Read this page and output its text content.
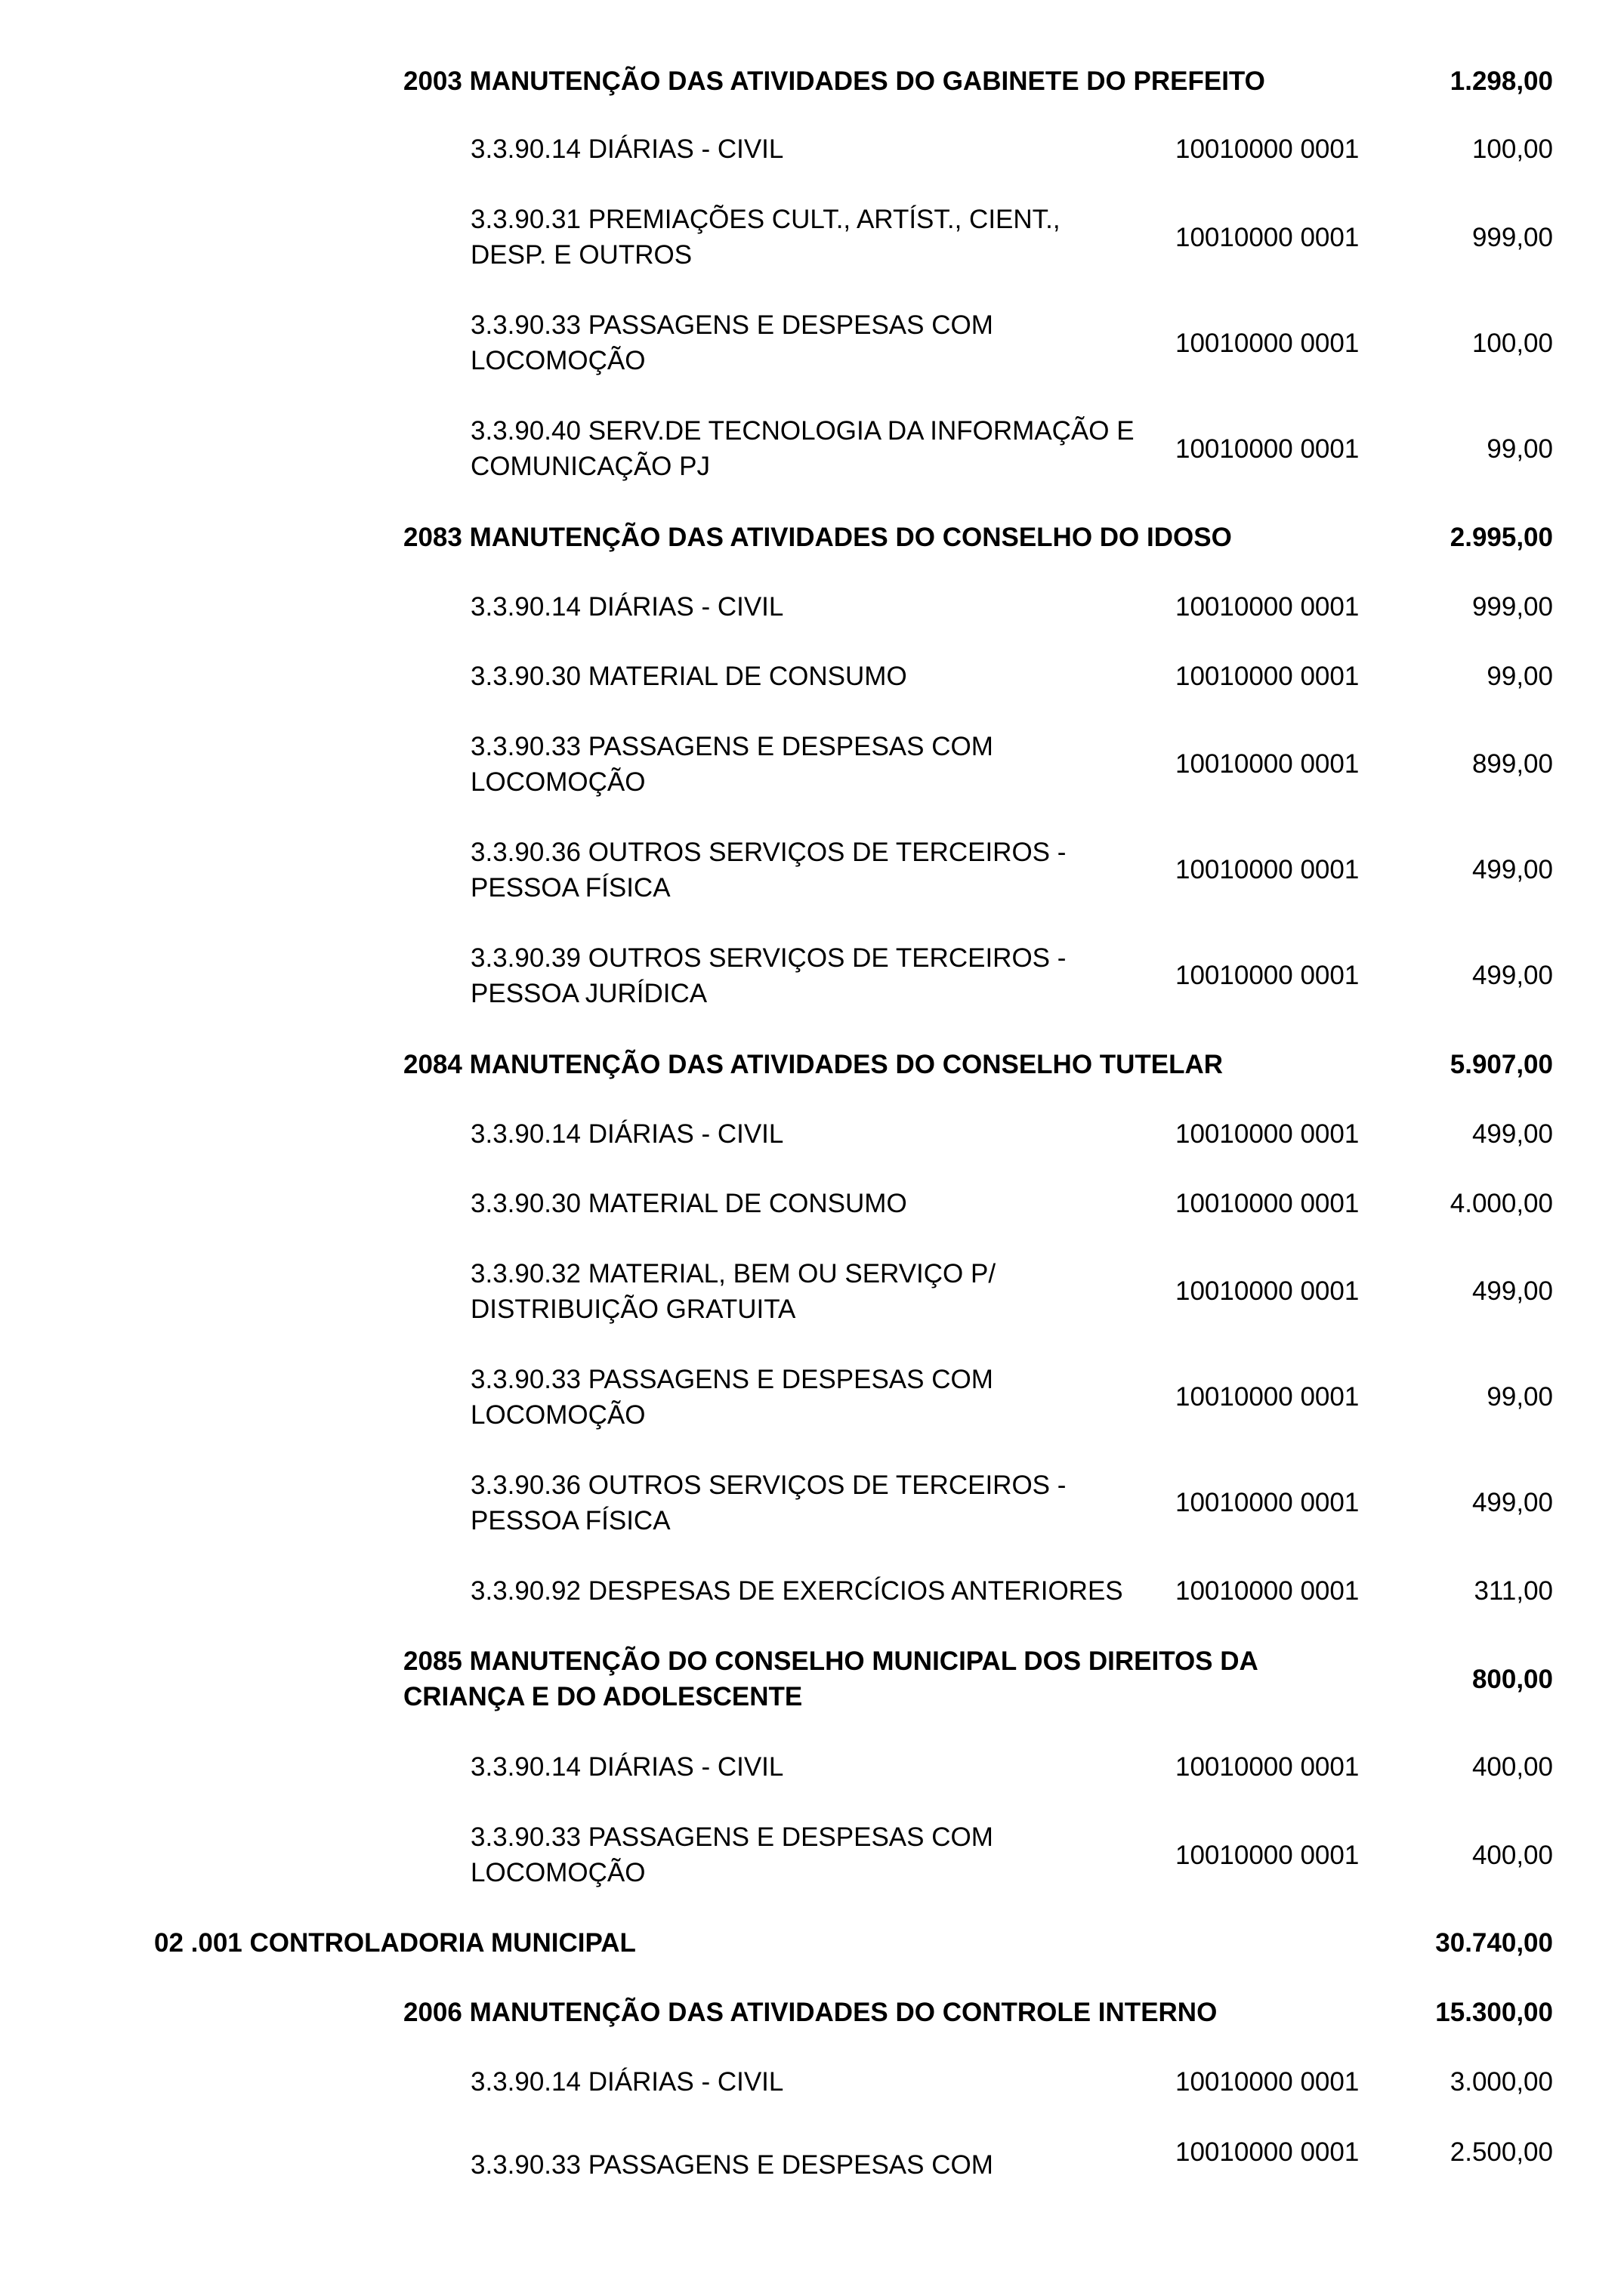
2003 MANUTENÇÃO DAS ATIVIDADES DO GABINETE DO PREFEITO	1.298,00
3.3.90.14 DIÁRIAS - CIVIL	10010000 0001	100,00
3.3.90.31 PREMIAÇÕES CULT., ARTÍST., CIENT.,
DESP. E OUTROS
10010000 0001	999,00
3.3.90.33 PASSAGENS E DESPESAS COM
LOCOMOÇÃO
10010000 0001	100,00
3.3.90.40 SERV.DE TECNOLOGIA DA INFORMAÇÃO E
COMUNICAÇÃO PJ
10010000 0001	99,00
2083 MANUTENÇÃO DAS ATIVIDADES DO CONSELHO DO IDOSO	2.995,00
3.3.90.14 DIÁRIAS - CIVIL	10010000 0001	999,00
3.3.90.30 MATERIAL DE CONSUMO	10010000 0001	99,00
3.3.90.33 PASSAGENS E DESPESAS COM
LOCOMOÇÃO
10010000 0001	899,00
3.3.90.36 OUTROS SERVIÇOS DE TERCEIROS -
PESSOA FÍSICA
10010000 0001	499,00
3.3.90.39 OUTROS SERVIÇOS DE TERCEIROS -
PESSOA JURÍDICA
10010000 0001	499,00
2084 MANUTENÇÃO DAS ATIVIDADES DO CONSELHO TUTELAR	5.907,00
3.3.90.14 DIÁRIAS - CIVIL	10010000 0001	499,00
3.3.90.30 MATERIAL DE CONSUMO	10010000 0001	4.000,00
3.3.90.32 MATERIAL, BEM OU SERVIÇO P/
DISTRIBUIÇÃO GRATUITA
10010000 0001	499,00
3.3.90.33 PASSAGENS E DESPESAS COM
LOCOMOÇÃO
10010000 0001	99,00
3.3.90.36 OUTROS SERVIÇOS DE TERCEIROS -
PESSOA FÍSICA
10010000 0001	499,00
3.3.90.92 DESPESAS DE EXERCÍCIOS ANTERIORES 10010000 0001	311,00
2085 MANUTENÇÃO DO CONSELHO MUNICIPAL DOS DIREITOS DA
CRIANÇA E DO ADOLESCENTE
800,00
3.3.90.14 DIÁRIAS - CIVIL	10010000 0001	400,00
3.3.90.33 PASSAGENS E DESPESAS COM
LOCOMOÇÃO
10010000 0001	400,00
02 .001 CONTROLADORIA MUNICIPAL	30.740,00
2006 MANUTENÇÃO DAS ATIVIDADES DO CONTROLE INTERNO	15.300,00
3.3.90.14 DIÁRIAS - CIVIL	10010000 0001	3.000,00
3.3.90.33 PASSAGENS E DESPESAS COM	10010000 0001	2.500,00
